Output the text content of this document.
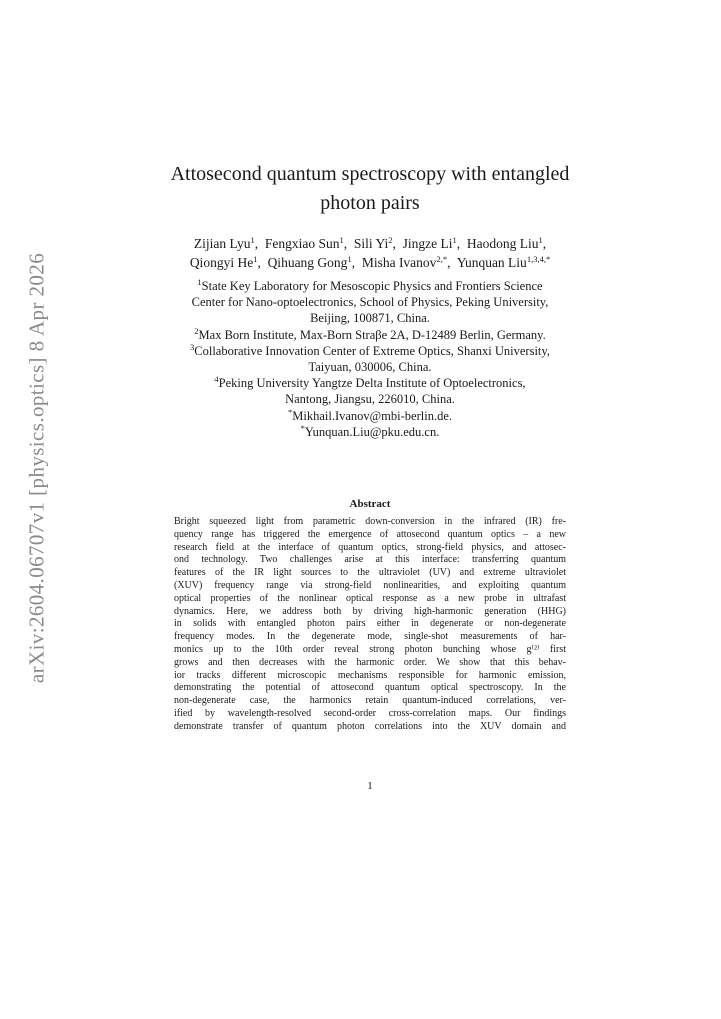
arXiv:2604.06707v1 [physics.optics] 8 Apr 2026
Attosecond quantum spectroscopy with entangled
photon pairs
Zijian Lyu$^1$,  Fengxiao Sun$^1$,  Sili Yi$^2$,  Jingze Li$^1$,  Haodong Liu$^1$,
Qiongyi He$^1$,  Qihuang Gong$^1$,  Misha Ivanov$^{2,*}$,  Yunquan Liu$^{1,3,4,*}$
$^1$State Key Laboratory for Mesoscopic Physics and Frontiers Science
Center for Nano-optoelectronics, School of Physics, Peking University,
Beijing, 100871, China.
$^2$Max Born Institute, Max-Born Straβe 2A, D-12489 Berlin, Germany.
$^3$Collaborative Innovation Center of Extreme Optics, Shanxi University,
Taiyuan, 030006, China.
$^4$Peking University Yangtze Delta Institute of Optoelectronics,
Nantong, Jiangsu, 226010, China.
*Mikhail.Ivanov@mbi-berlin.de.
*Yunquan.Liu@pku.edu.cn.
Abstract
Bright squeezed light from parametric down-conversion in the infrared (IR) fre-
quency range has triggered the emergence of attosecond quantum optics – a new
research field at the interface of quantum optics, strong-field physics, and attosec-
ond technology. Two challenges arise at this interface: transferring quantum
features of the IR light sources to the ultraviolet (UV) and extreme ultraviolet
(XUV) frequency range via strong-field nonlinearities, and exploiting quantum
optical properties of the nonlinear optical response as a new probe in ultrafast
dynamics. Here, we address both by driving high-harmonic generation (HHG)
in solids with entangled photon pairs either in degenerate or non-degenerate
frequency modes. In the degenerate mode, single-shot measurements of har-
monics up to the 10th order reveal strong photon bunching whose g⁽²⁾ first
grows and then decreases with the harmonic order. We show that this behav-
ior tracks different microscopic mechanisms responsible for harmonic emission,
demonstrating the potential of attosecond quantum optical spectroscopy. In the
non-degenerate case, the harmonics retain quantum-induced correlations, ver-
ified by wavelength-resolved second-order cross-correlation maps. Our findings
demonstrate transfer of quantum photon correlations into the XUV domain and
1
